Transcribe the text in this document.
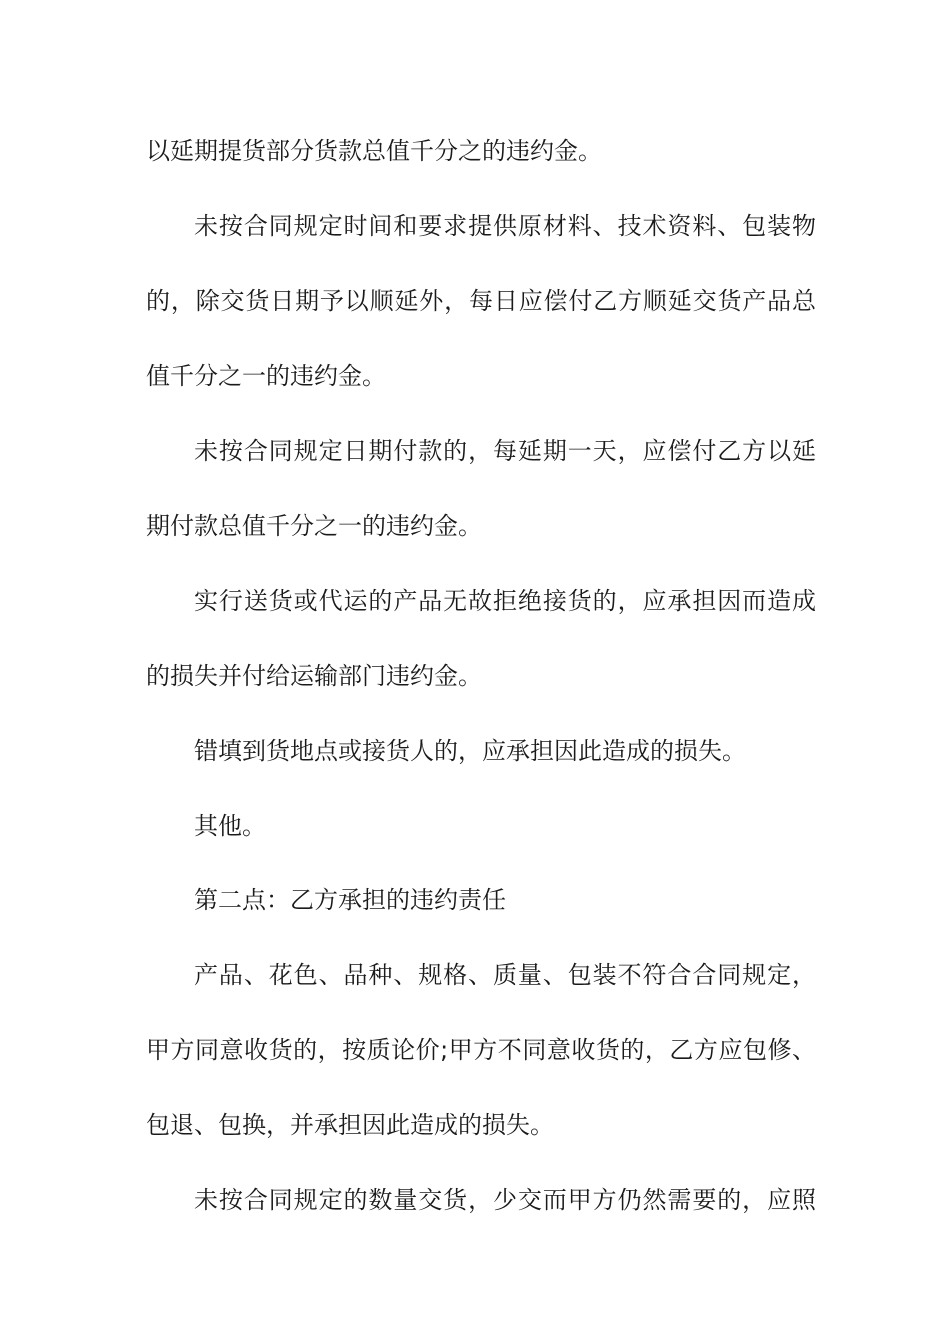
以延期提货部分货款总值千分之的违约金。
未按合同规定时间和要求提供原材料、技术资料、包装物
的，除交货日期予以顺延外，每日应偿付乙方顺延交货产品总
值千分之一的违约金。
未按合同规定日期付款的，每延期一天，应偿付乙方以延
期付款总值千分之一的违约金。
实行送货或代运的产品无故拒绝接货的，应承担因而造成
的损失并付给运输部门违约金。
错填到货地点或接货人的，应承担因此造成的损失。
其他。
第二点：乙方承担的违约责任
产品、花色、品种、规格、质量、包装不符合合同规定，
甲方同意收货的，按质论价;甲方不同意收货的，乙方应包修、
包退、包换，并承担因此造成的损失。
未按合同规定的数量交货，少交而甲方仍然需要的，应照
